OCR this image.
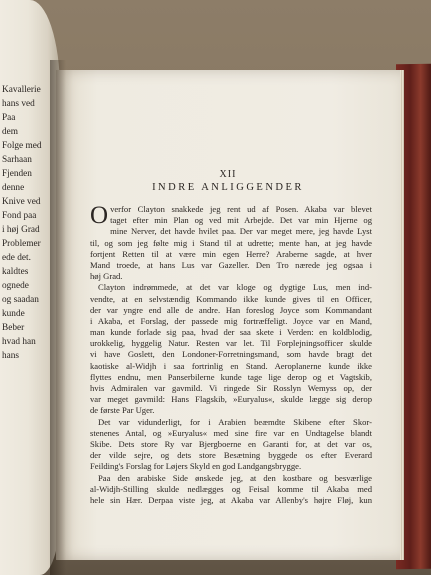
Kavallerie
hans ved
Paa
dem
Folge med
Sarhaan
Fjenden
denne
Knive ved
Fond paa
i høj Grad
Problemer
ede det.
kaldtes
ognede
og saadan
kunde
Beber
hvad han
hans
XII
INDRE ANLIGGENDER
O verfor Clayton snakkede jeg rent ud af Posen. Akaba var blevet
taget efter min Plan og ved mit Arbejde. Det var min Hjerne og
mine Nerver, det havde hvilet paa. Der var meget mere, jeg havde Lyst
til, og som jeg følte mig i Stand til at udrette; mente han, at jeg havde
fortjent Retten til at være min egen Herre? Araberne sagde, at hver
Mand troede, at hans Lus var Gazeller. Den Tro nærede jeg ogsaa i
høj Grad.
Clayton indrømmede, at det var kloge og dygtige Lus, men ind-
vendte, at en selvstændig Kommando ikke kunde gives til en Officer,
der var yngre end alle de andre. Han foreslog Joyce som Kommandant
i Akaba, et Forslag, der passede mig fortræffeligt. Joyce var en Mand,
man kunde forlade sig paa, hvad der saa skete i Verden: en koldblodig,
urokkelig, hyggelig Natur. Resten var let. Til Forplejningsofficer skulde
vi have Goslett, den Londoner-Forretningsmand, som havde bragt det
kaotiske al-Widjh i saa fortrinlig en Stand. Aeroplanerne kunde ikke
flyttes endnu, men Panserbilerne kunde tage lige derop og et Vagtskib,
hvis Admiralen var gavmild. Vi ringede Sir Rosslyn Wemyss op, der
var meget gavmild: Hans Flagskib, »Euryalus«, skulde lægge sig derop
de første Par Uger.
Det var vidunderligt, for i Arabien beæmdte Skibene efter Skor-
stenenes Antal, og »Euryalus« med sine fire var en Undtagelse blandt
Skibe. Dets store Ry var Bjergboerne en Garanti for, at det var os,
der vilde sejre, og dets store Besætning byggede os efter Everard
Feilding's Forslag for Løjers Skyld en god Landgangsbrygge.
Paa den arabiske Side ønskede jeg, at den kostbare og besværlige
al-Widjh-Stilling skulde nedlægges og Feisal komme til Akaba med
hele sin Hær. Derpaa viste jeg, at Akaba var Allenby's højre Fløj, kun
